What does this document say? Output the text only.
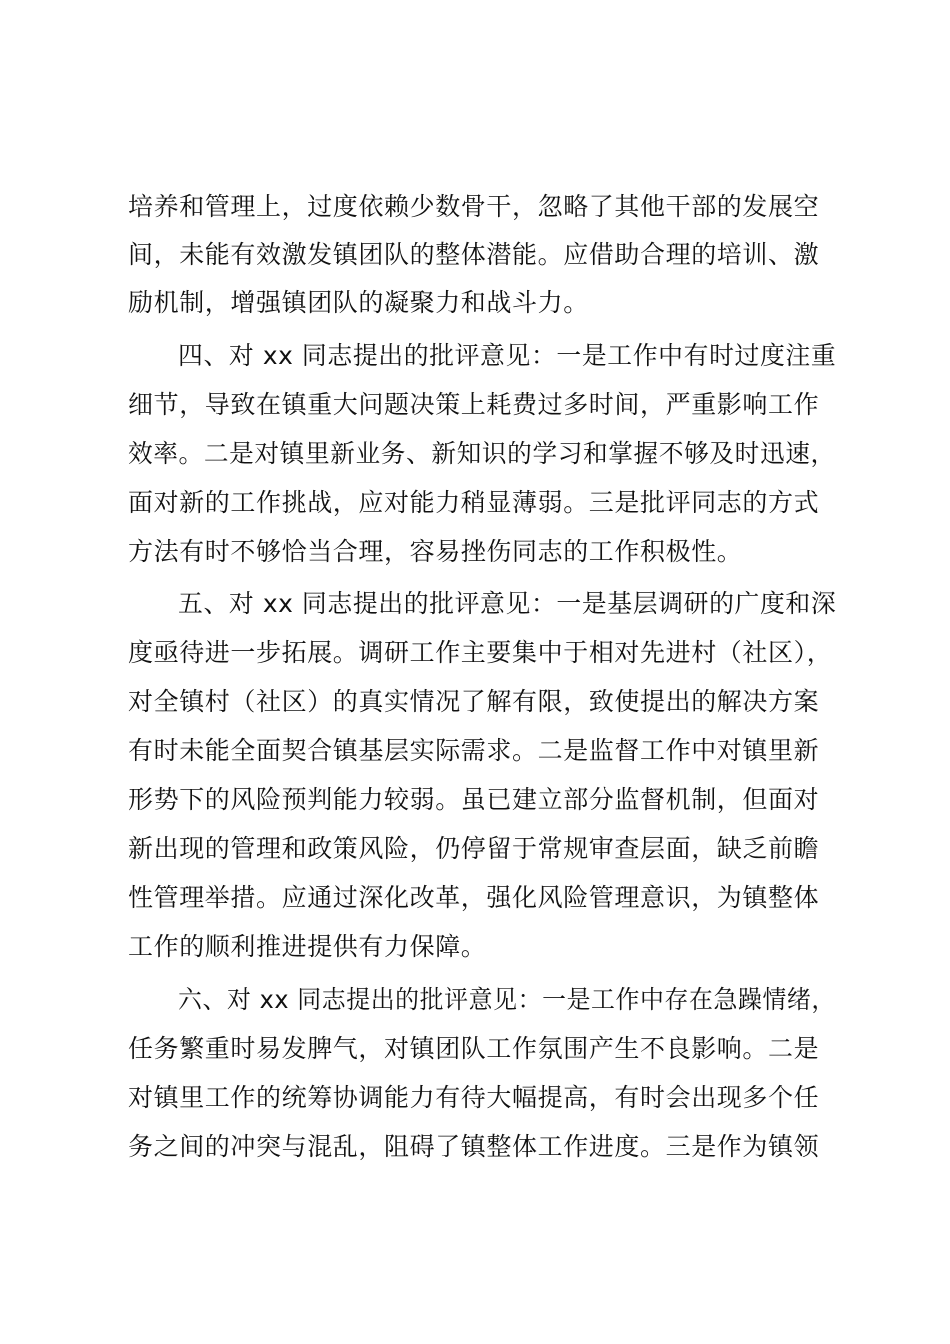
培养和管理上，过度依赖少数骨干，忽略了其他干部的发展空
间，未能有效激发镇团队的整体潜能。应借助合理的培训、激
励机制，增强镇团队的凝聚力和战斗力。
四、对 xx 同志提出的批评意见：一是工作中有时过度注重
细节，导致在镇重大问题决策上耗费过多时间，严重影响工作
效率。二是对镇里新业务、新知识的学习和掌握不够及时迅速，
面对新的工作挑战，应对能力稍显薄弱。三是批评同志的方式
方法有时不够恰当合理，容易挫伤同志的工作积极性。
五、对 xx 同志提出的批评意见：一是基层调研的广度和深
度亟待进一步拓展。调研工作主要集中于相对先进村（社区），
对全镇村（社区）的真实情况了解有限，致使提出的解决方案
有时未能全面契合镇基层实际需求。二是监督工作中对镇里新
形势下的风险预判能力较弱。虽已建立部分监督机制，但面对
新出现的管理和政策风险，仍停留于常规审查层面，缺乏前瞻
性管理举措。应通过深化改革，强化风险管理意识，为镇整体
工作的顺利推进提供有力保障。
六、对 xx 同志提出的批评意见：一是工作中存在急躁情绪，
任务繁重时易发脾气，对镇团队工作氛围产生不良影响。二是
对镇里工作的统筹协调能力有待大幅提高，有时会出现多个任
务之间的冲突与混乱，阻碍了镇整体工作进度。三是作为镇领
